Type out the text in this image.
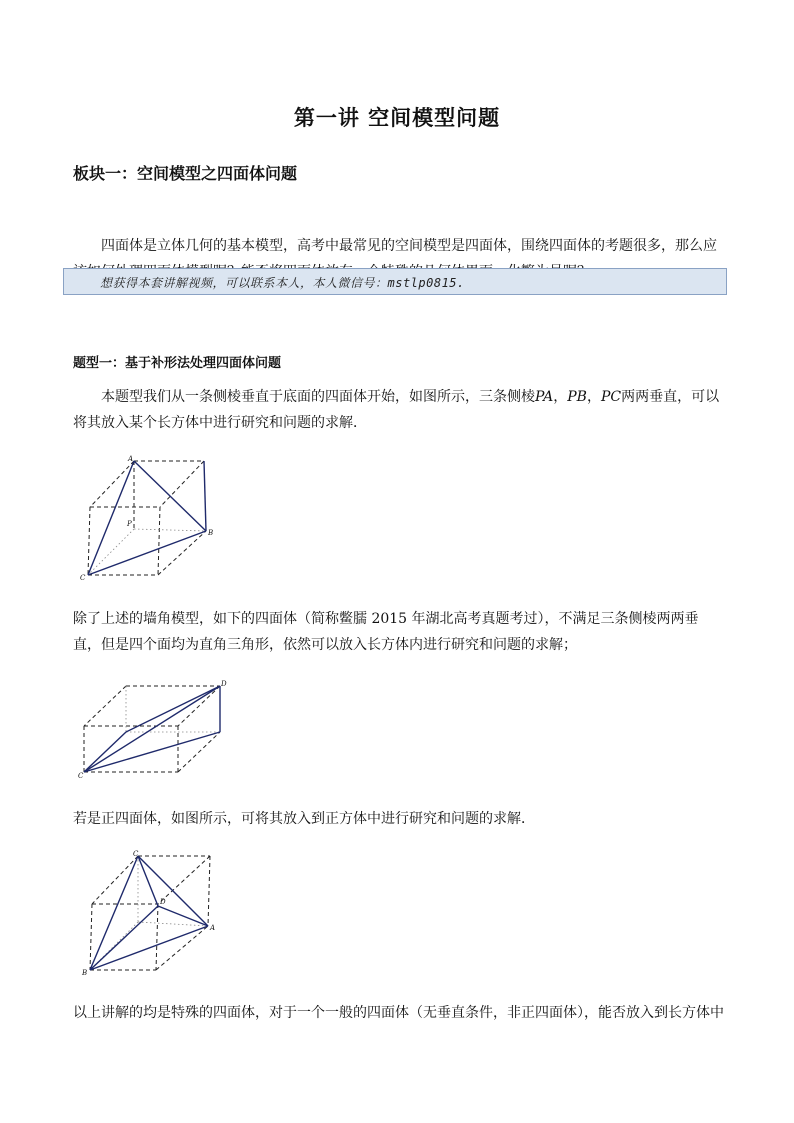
第一讲 空间模型问题
板块一：空间模型之四面体问题
四面体是立体几何的基本模型，高考中最常见的空间模型是四面体，围绕四面体的考题很多，那么应
想获得本套讲解视频，可以联系本人，本人微信号：mstlp0815.
题型一：基于补形法处理四面体问题
本题型我们从一条侧棱垂直于底面的四面体开始，如图所示，三条侧棱PA，PB，PC两两垂直，可以将其放入某个长方体中进行研究和问题的求解．
A
B
C
P
除了上述的墙角模型，如下的四面体（简称鳖臑 2015 年湖北高考真题考过），不满足三条侧棱两两垂直，但是四个面均为直角三角形，依然可以放入长方体内进行研究和问题的求解；
D
C
若是正四面体，如图所示，可将其放入到正方体中进行研究和问题的求解．
C
A
B
D
以上讲解的均是特殊的四面体，对于一个一般的四面体（无垂直条件，非正四面体），能否放入到长方体中
